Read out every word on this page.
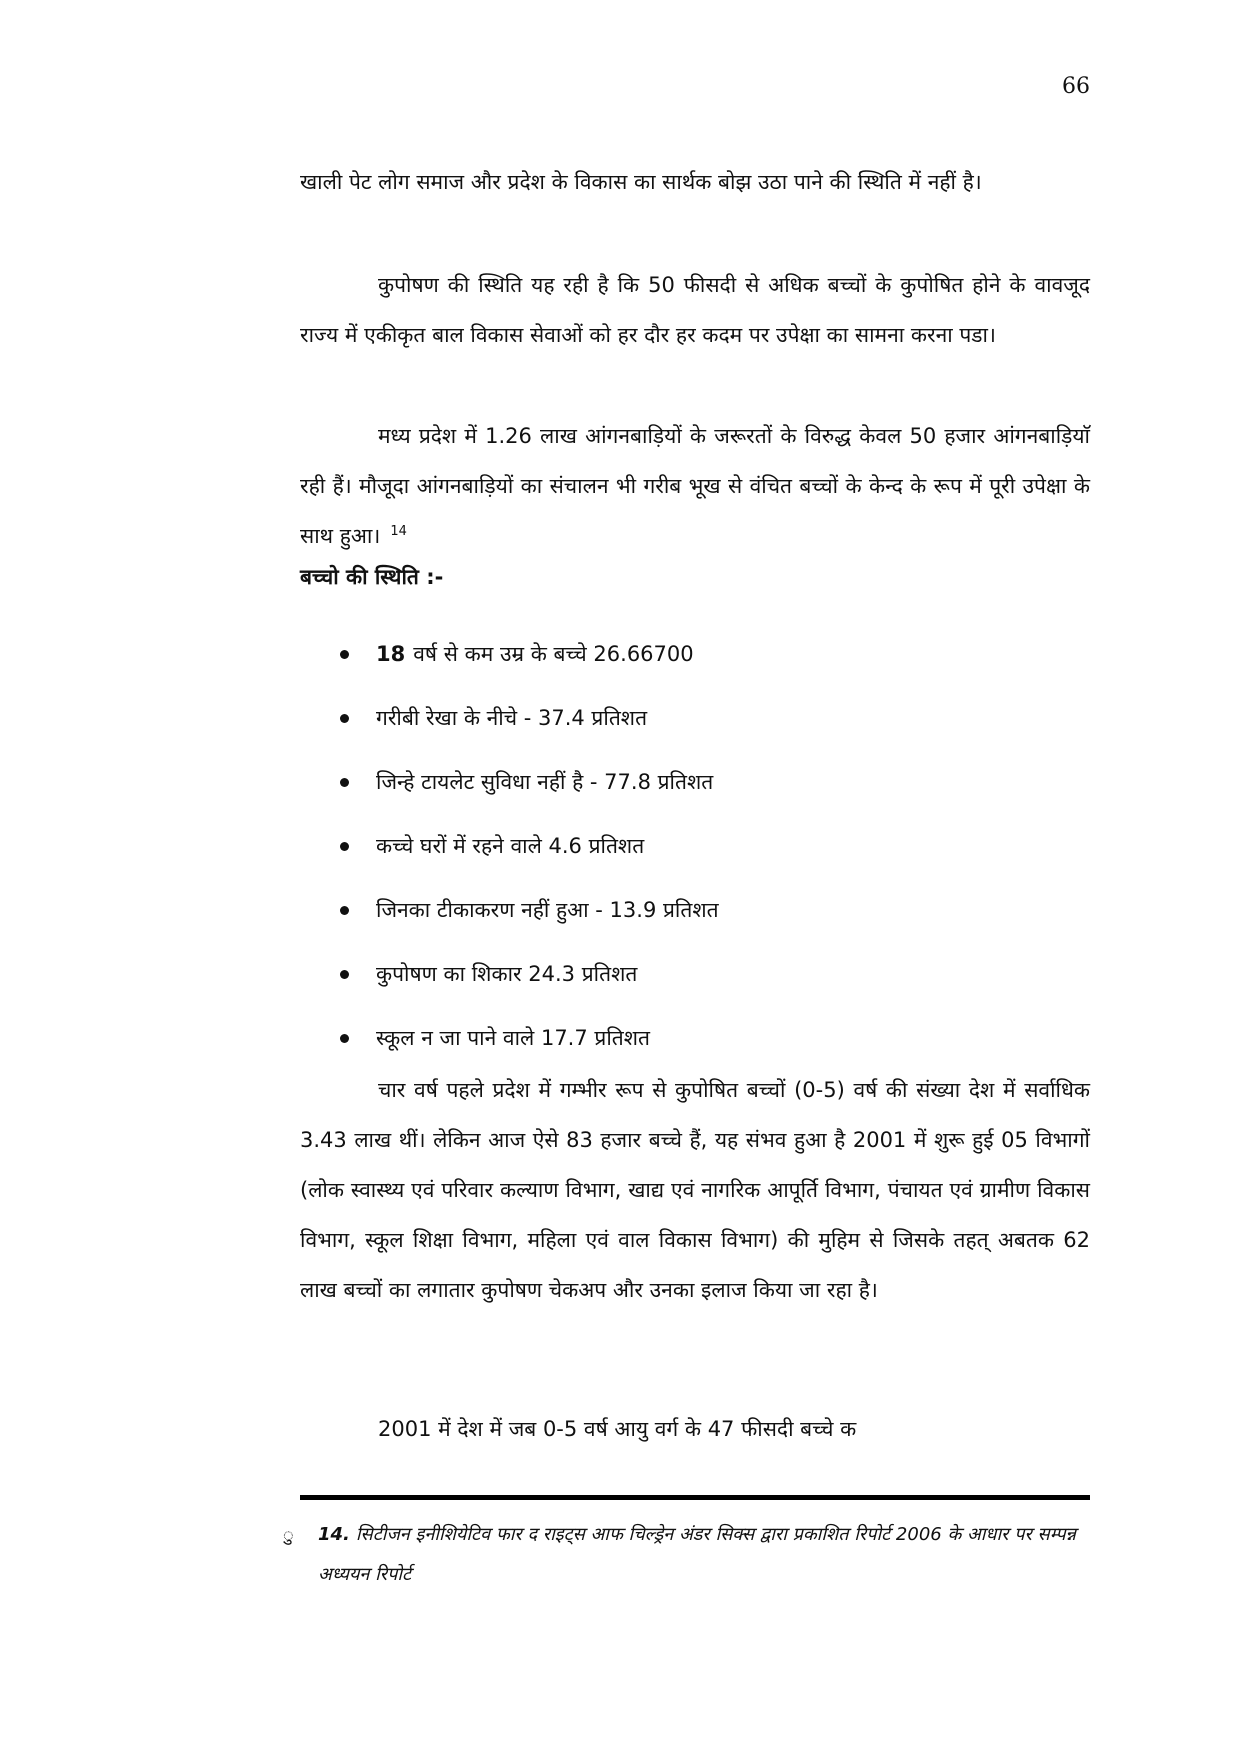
66

खाली पेट लोग समाज और प्रदेश के विकास का सार्थक बोझ उठा पाने की स्थिति में नहीं है।

कुपोषण की स्थिति यह रही है कि 50 फीसदी से अधिक बच्चों के कुपोषित होने के वावजूद राज्य में एकीकृत बाल विकास सेवाओं को हर दौर हर कदम पर उपेक्षा का सामना करना पडा।

मध्य प्रदेश में 1.26 लाख आंगनबाड़ियों के जरूरतों के विरुद्ध केवल 50 हजार आंगनबाड़ियाॅ रही हैं। मौजूदा आंगनबाड़ियों का संचालन भी गरीब भूख से वंचित बच्चों के केन्द के रूप में पूरी उपेक्षा के साथ हुआ। $^{14}$

बच्चो की स्थिति :-
18 वर्ष से कम उम्र के बच्चे 26.66700
गरीबी रेखा के नीचे - 37.4 प्रतिशत
जिन्हे टायलेट सुविधा नहीं है - 77.8 प्रतिशत
कच्चे घरों में रहने वाले 4.6 प्रतिशत
जिनका टीकाकरण नहीं हुआ - 13.9 प्रतिशत
कुपोषण का शिकार 24.3 प्रतिशत
स्कूल न जा पाने वाले 17.7 प्रतिशत

चार वर्ष पहले प्रदेश में गम्भीर रूप से कुपोषित बच्चों (0-5) वर्ष की संख्या देश में सर्वाधिक 3.43 लाख थीं। लेकिन आज ऐसे 83 हजार बच्चे हैं, यह संभव हुआ है 2001 में शुरू हुई 05 विभागों (लोक स्वास्थ्य एवं परिवार कल्याण विभाग, खाद्य एवं नागरिक आपूर्ति विभाग, पंचायत एवं ग्रामीण विकास विभाग, स्कूल शिक्षा विभाग, महिला एवं वाल विकास विभाग) की मुहिम से जिसके तहत् अबतक 62 लाख बच्चों का लगातार कुपोषण चेकअप और उनका इलाज किया जा रहा है।

2001 में देश में जब 0-5 वर्ष आयु वर्ग के 47 फीसदी बच्चे क

ु 14. सिटीजन इनीशियेटिव फार द राइट्स आफ चिल्ड्रेन अंडर सिक्स द्वारा प्रकाशित रिपोर्ट 2006 के आधार पर सम्पन्न अध्ययन रिपोर्ट
